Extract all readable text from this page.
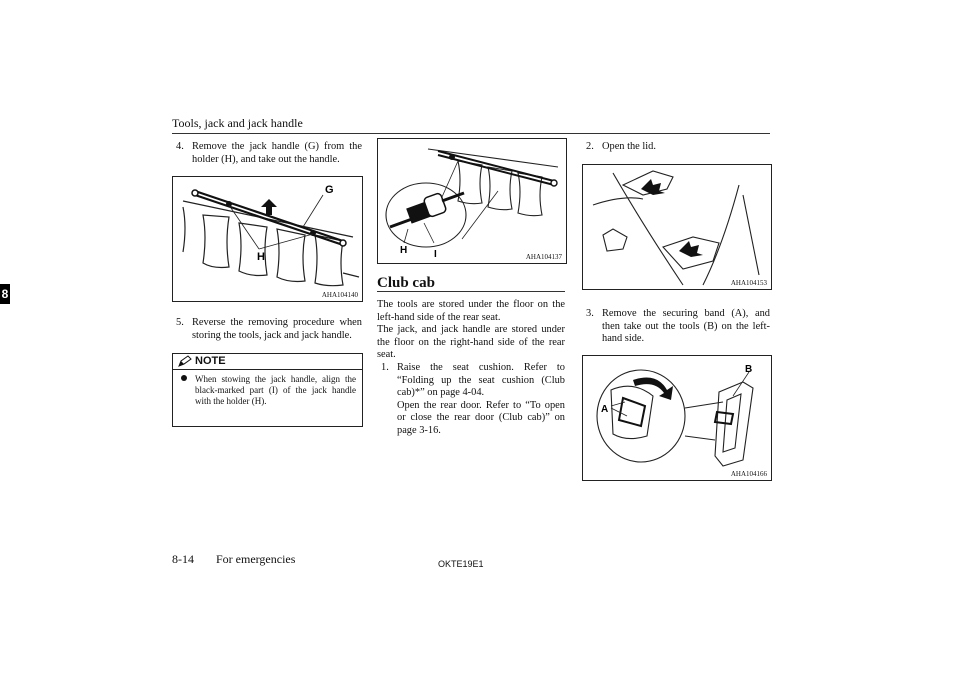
Tools, jack and jack handle
8
4. Remove the jack handle (G) from the holder (H), and take out the handle.
G
H
AHA104140
5. Reverse the removing procedure when storing the tools, jack and jack handle.
NOTE
When stowing the jack handle, align the black-marked part (I) of the jack handle with the holder (H).
H	I	AHA104137
Club cab
The tools are stored under the floor on the left-hand side of the rear seat.
The jack, and jack handle are stored under the floor on the right-hand side of the rear seat.
1. Raise the seat cushion. Refer to “Folding up the seat cushion (Club cab)*” on page 4-04.
Open the rear door. Refer to “To open or close the rear door (Club cab)” on page 3-16.
2. Open the lid.
AHA104153
3. Remove the securing band (A), and then take out the tools (B) on the left-hand side.
A
B
AHA104166
8-14 For emergencies	OKTE19E1
